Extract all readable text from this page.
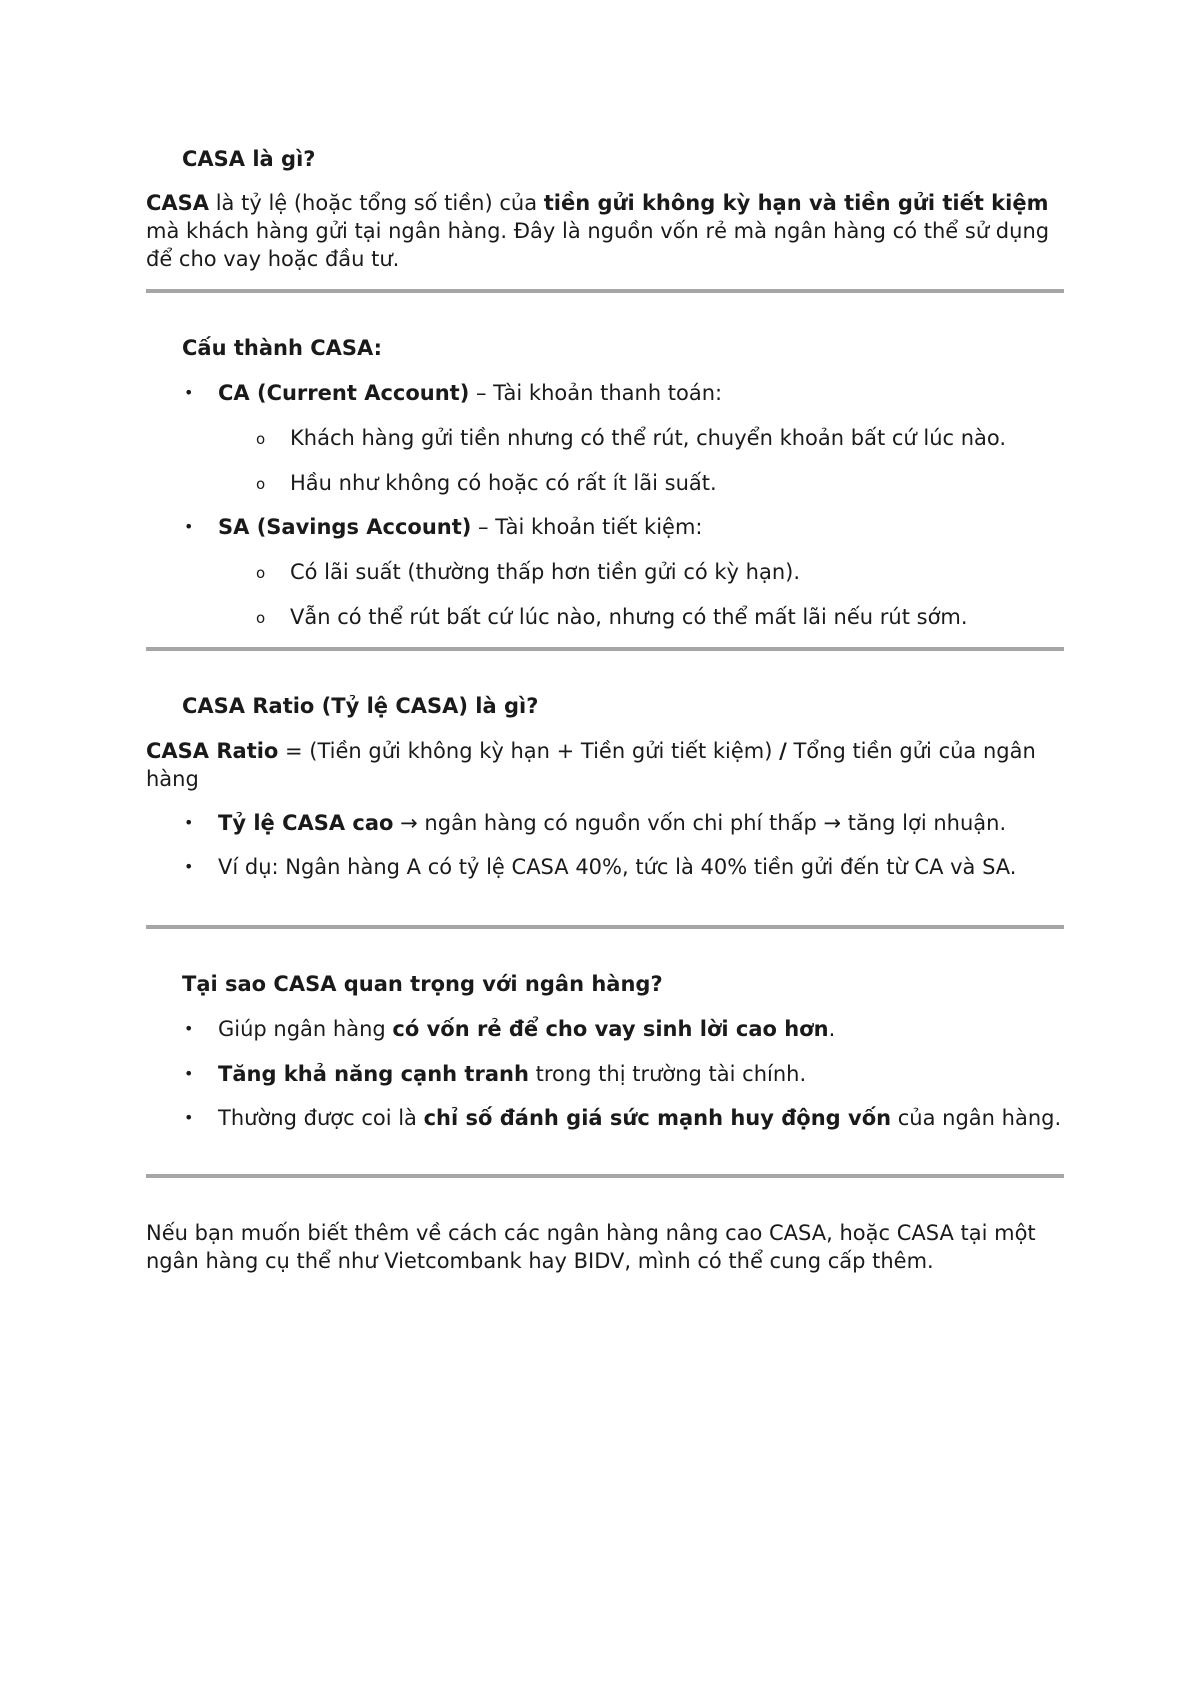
CASA là gì?

CASA là tỷ lệ (hoặc tổng số tiền) của tiền gửi không kỳ hạn và tiền gửi tiết kiệm mà khách hàng gửi tại ngân hàng. Đây là nguồn vốn rẻ mà ngân hàng có thể sử dụng để cho vay hoặc đầu tư.

Cấu thành CASA:
• CA (Current Account) – Tài khoản thanh toán:
o Khách hàng gửi tiền nhưng có thể rút, chuyển khoản bất cứ lúc nào.
o Hầu như không có hoặc có rất ít lãi suất.
• SA (Savings Account) – Tài khoản tiết kiệm:
o Có lãi suất (thường thấp hơn tiền gửi có kỳ hạn).
o Vẫn có thể rút bất cứ lúc nào, nhưng có thể mất lãi nếu rút sớm.
CASA Ratio (Tỷ lệ CASA) là gì?

CASA Ratio = (Tiền gửi không kỳ hạn + Tiền gửi tiết kiệm) / Tổng tiền gửi của ngân hàng

• Tỷ lệ CASA cao → ngân hàng có nguồn vốn chi phí thấp → tăng lợi nhuận.
• Ví dụ: Ngân hàng A có tỷ lệ CASA 40%, tức là 40% tiền gửi đến từ CA và SA.
Tại sao CASA quan trọng với ngân hàng?
• Giúp ngân hàng có vốn rẻ để cho vay sinh lời cao hơn.
• Tăng khả năng cạnh tranh trong thị trường tài chính.
• Thường được coi là chỉ số đánh giá sức mạnh huy động vốn của ngân hàng.

Nếu bạn muốn biết thêm về cách các ngân hàng nâng cao CASA, hoặc CASA tại một ngân hàng cụ thể như Vietcombank hay BIDV, mình có thể cung cấp thêm.
